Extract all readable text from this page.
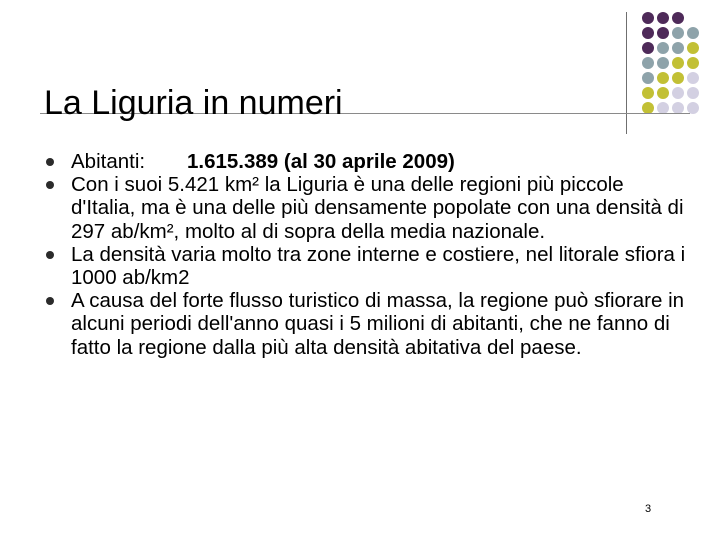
La Liguria in numeri
Abitanti: 1.615.389 (al 30 aprile 2009)
Con i suoi 5.421 km² la Liguria è una delle regioni più piccole d'Italia, ma è una delle più densamente popolate con una densità di 297 ab/km², molto al di sopra della media nazionale.
La densità varia molto tra zone interne e costiere, nel litorale sfiora i 1000 ab/km2
A causa del forte flusso turistico di massa, la regione può sfiorare in alcuni periodi dell'anno quasi i 5 milioni di abitanti, che ne fanno di fatto la regione dalla più alta densità abitativa del paese.
3
